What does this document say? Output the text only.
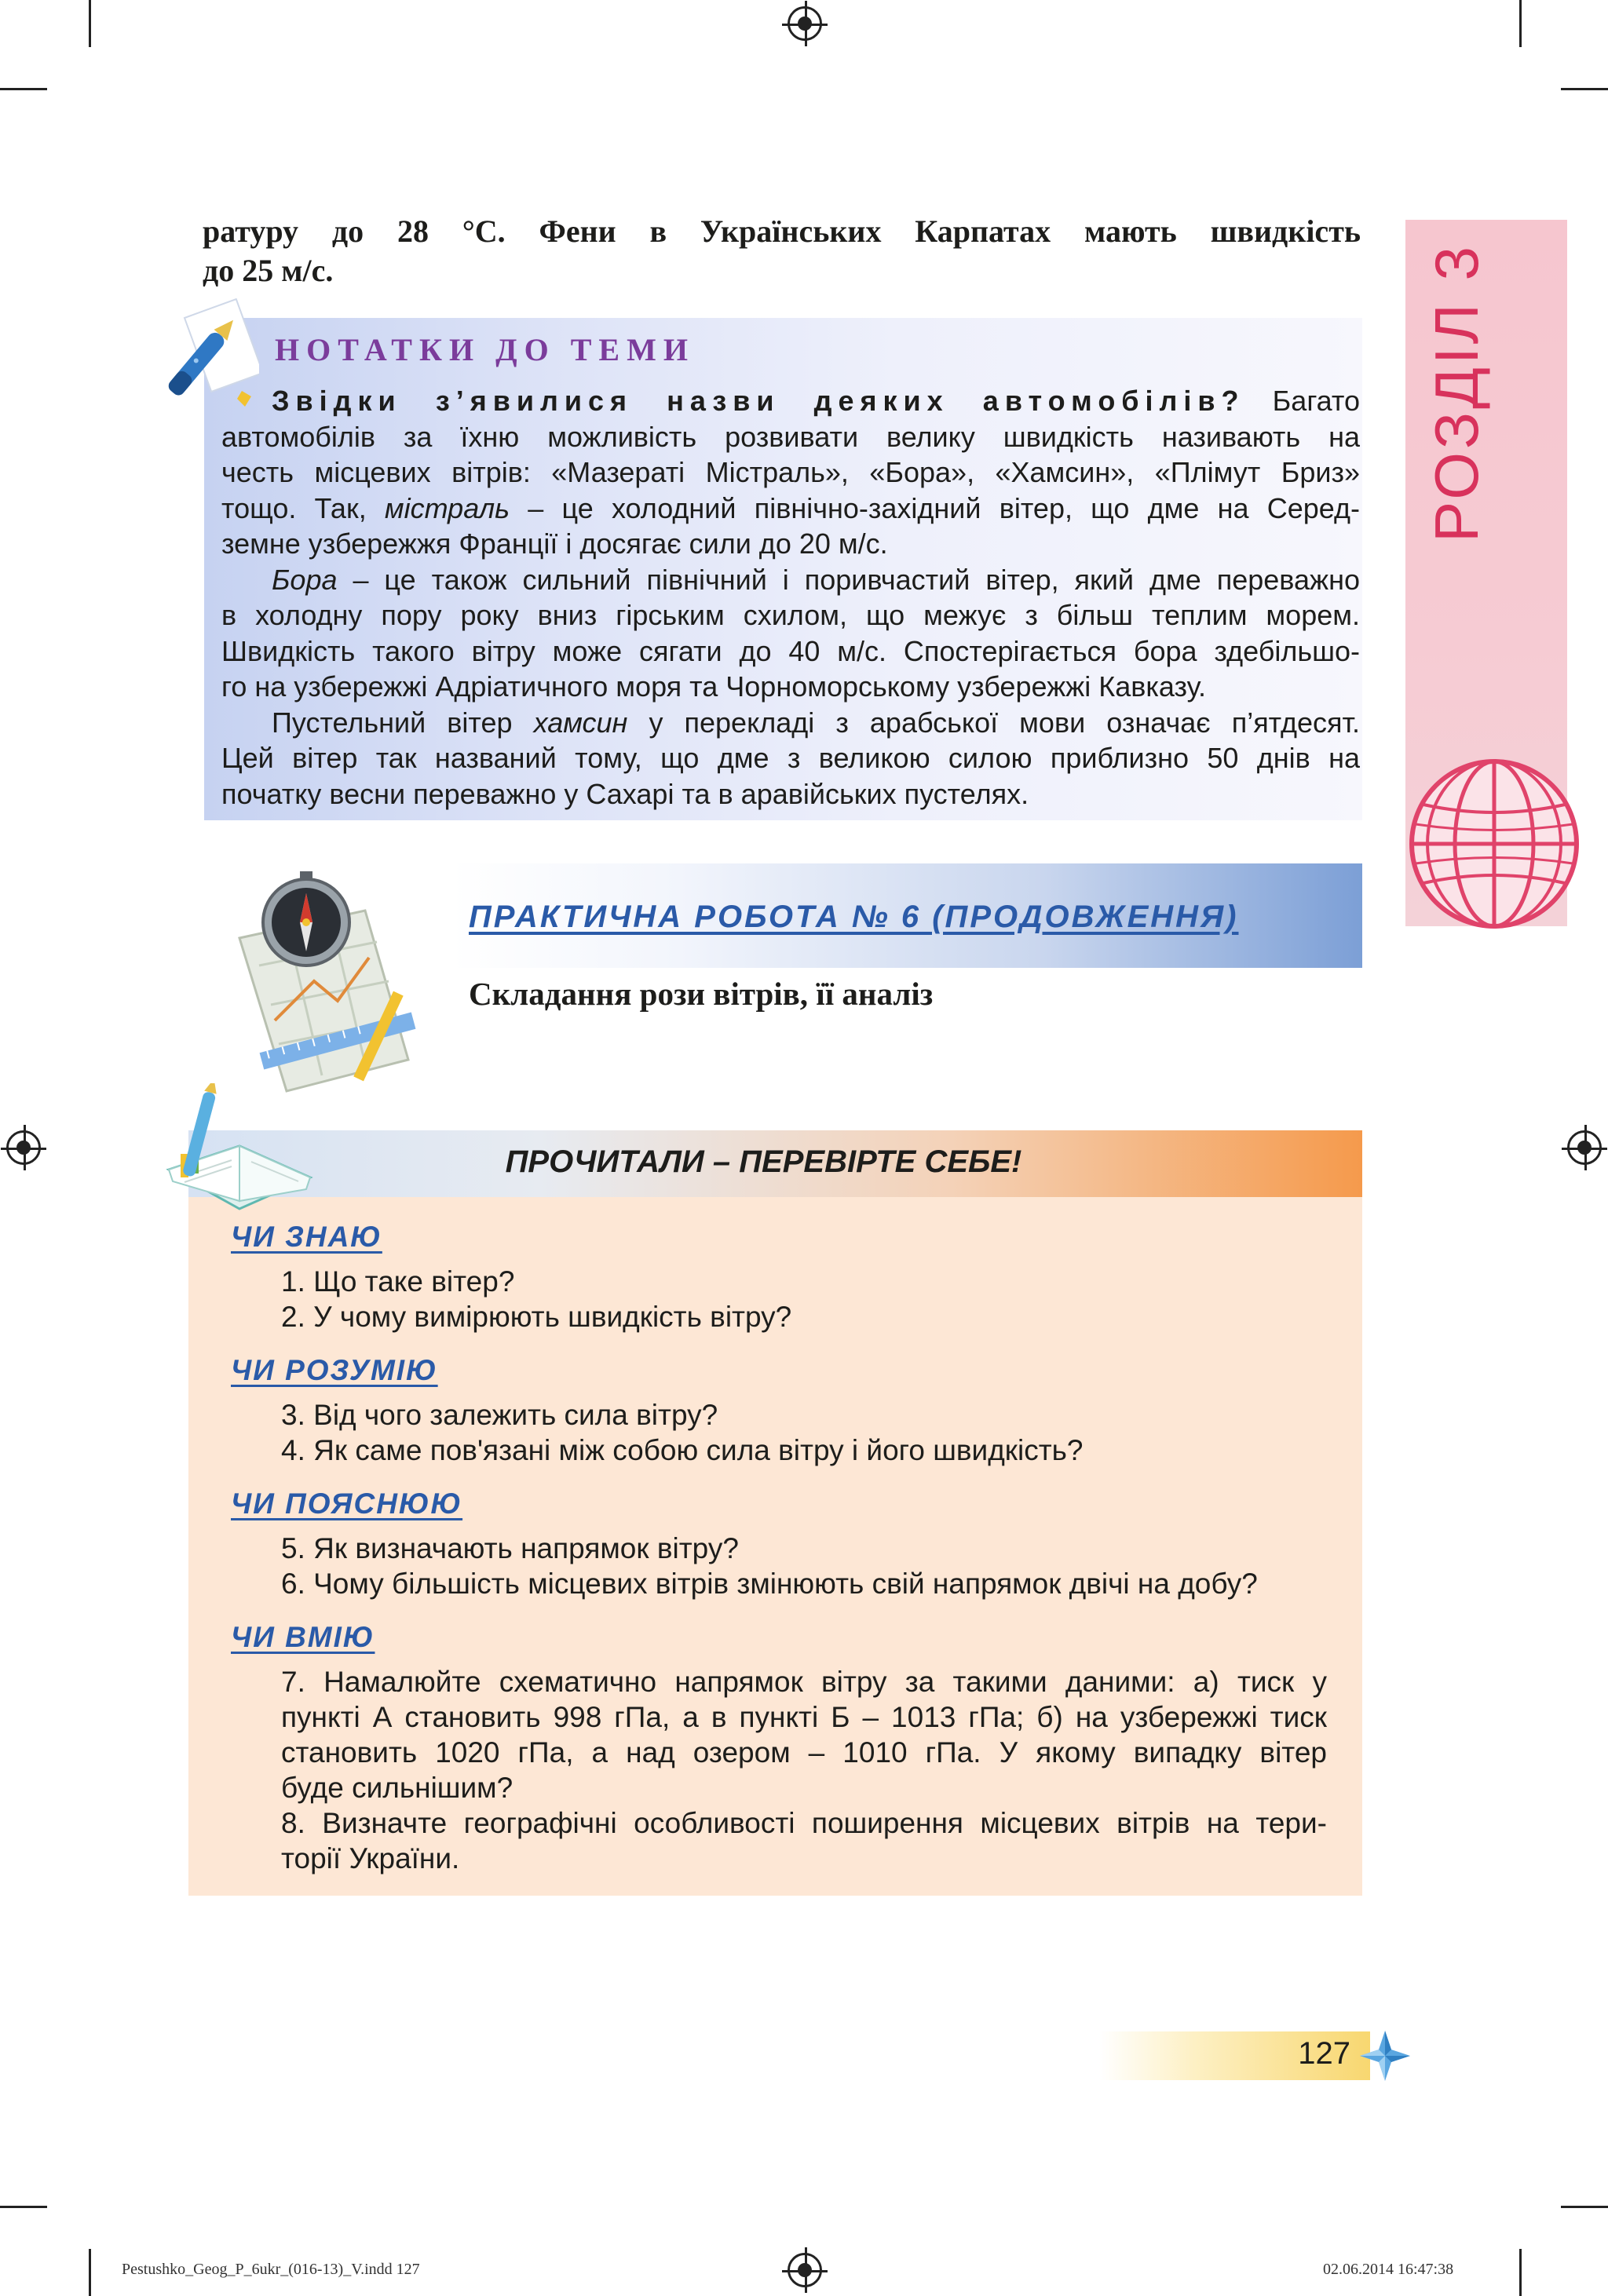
РОЗДІЛ 3

ратуру до 28 °С. Фени в Українських Карпатах мають швидкість

до 25 м/с.

НОТАТКИ ДО ТЕМИ

Звідки з’явилися назви деяких автомобілів? Багато

автомобілів за їхню можливість розвивати велику швидкість називають на

честь місцевих вітрів: «Мазераті Містраль», «Бора», «Хамсин», «Плімут Бриз»

тощо. Так, містраль – це холодний північно-західний вітер, що дме на Серед-

земне узбережжя Франції і досягає сили до 20 м/с.

Бора – це також сильний північний і поривчастий вітер, який дме переважно

в холодну пору року вниз гірським схилом, що межує з більш теплим морем.

Швидкість такого вітру може сягати до 40 м/с. Спостерігається бора здебільшо-

го на узбережжі Адріатичного моря та Чорноморському узбережжі Кавказу.

Пустельний вітер хамсин у перекладі з арабської мови означає п’ятдесят.

Цей вітер так названий тому, що дме з великою силою приблизно 50 днів на

початку весни переважно у Сахарі та в аравійських пустелях.

ПРАКТИЧНА РОБОТА № 6 (ПРОДОВЖЕННЯ)
Складання рози вітрів, її аналіз
ПРОЧИТАЛИ – ПЕРЕВІРТЕ СЕБЕ!
ЧИ ЗНАЮ

1. Що таке вітер?

2. У чому вимірюють швидкість вітру?

ЧИ РОЗУМІЮ

3. Від чого залежить сила вітру?

4. Як саме пов'язані між собою сила вітру і його швидкість?

ЧИ ПОЯСНЮЮ

5. Як визначають напрямок вітру?

6. Чому більшість місцевих вітрів змінюють свій напрямок двічі на добу?

ЧИ ВМІЮ

7. Намалюйте схематично напрямок вітру за такими даними: а) тиск у

пункті А становить 998 гПа, а в пункті Б – 1013 гПа; б) на узбережжі тиск

становить 1020 гПа, а над озером – 1010 гПа. У якому випадку вітер

буде сильнішим?

8. Визначте географічні особливості поширення місцевих вітрів на тери-

торії України.

127
Pestushko_Geog_P_6ukr_(016-13)_V.indd 127	02.06.2014 16:47:38
